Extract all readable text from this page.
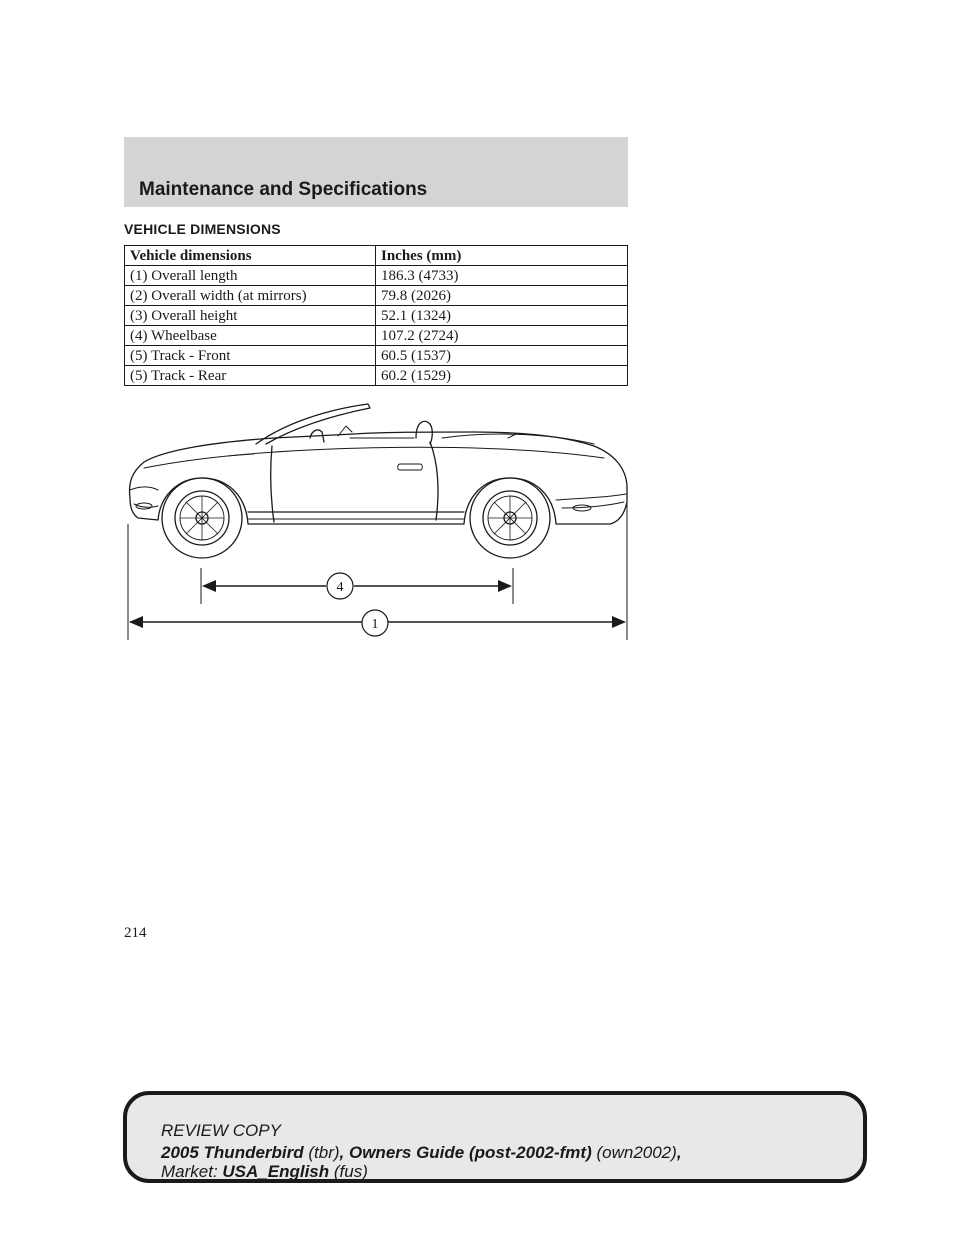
Maintenance and Specifications
VEHICLE DIMENSIONS
Vehicle dimensions	Inches (mm)
(1) Overall length	186.3 (4733)
(2) Overall width (at mirrors)	79.8 (2026)
(3) Overall height	52.1 (1324)
(4) Wheelbase	107.2 (2724)
(5) Track - Front	60.5 (1537)
(5) Track - Rear	60.2 (1529)
4
1
214
REVIEW COPY
2005 Thunderbird (tbr), Owners Guide (post-2002-fmt) (own2002),
Market: USA_English (fus)
